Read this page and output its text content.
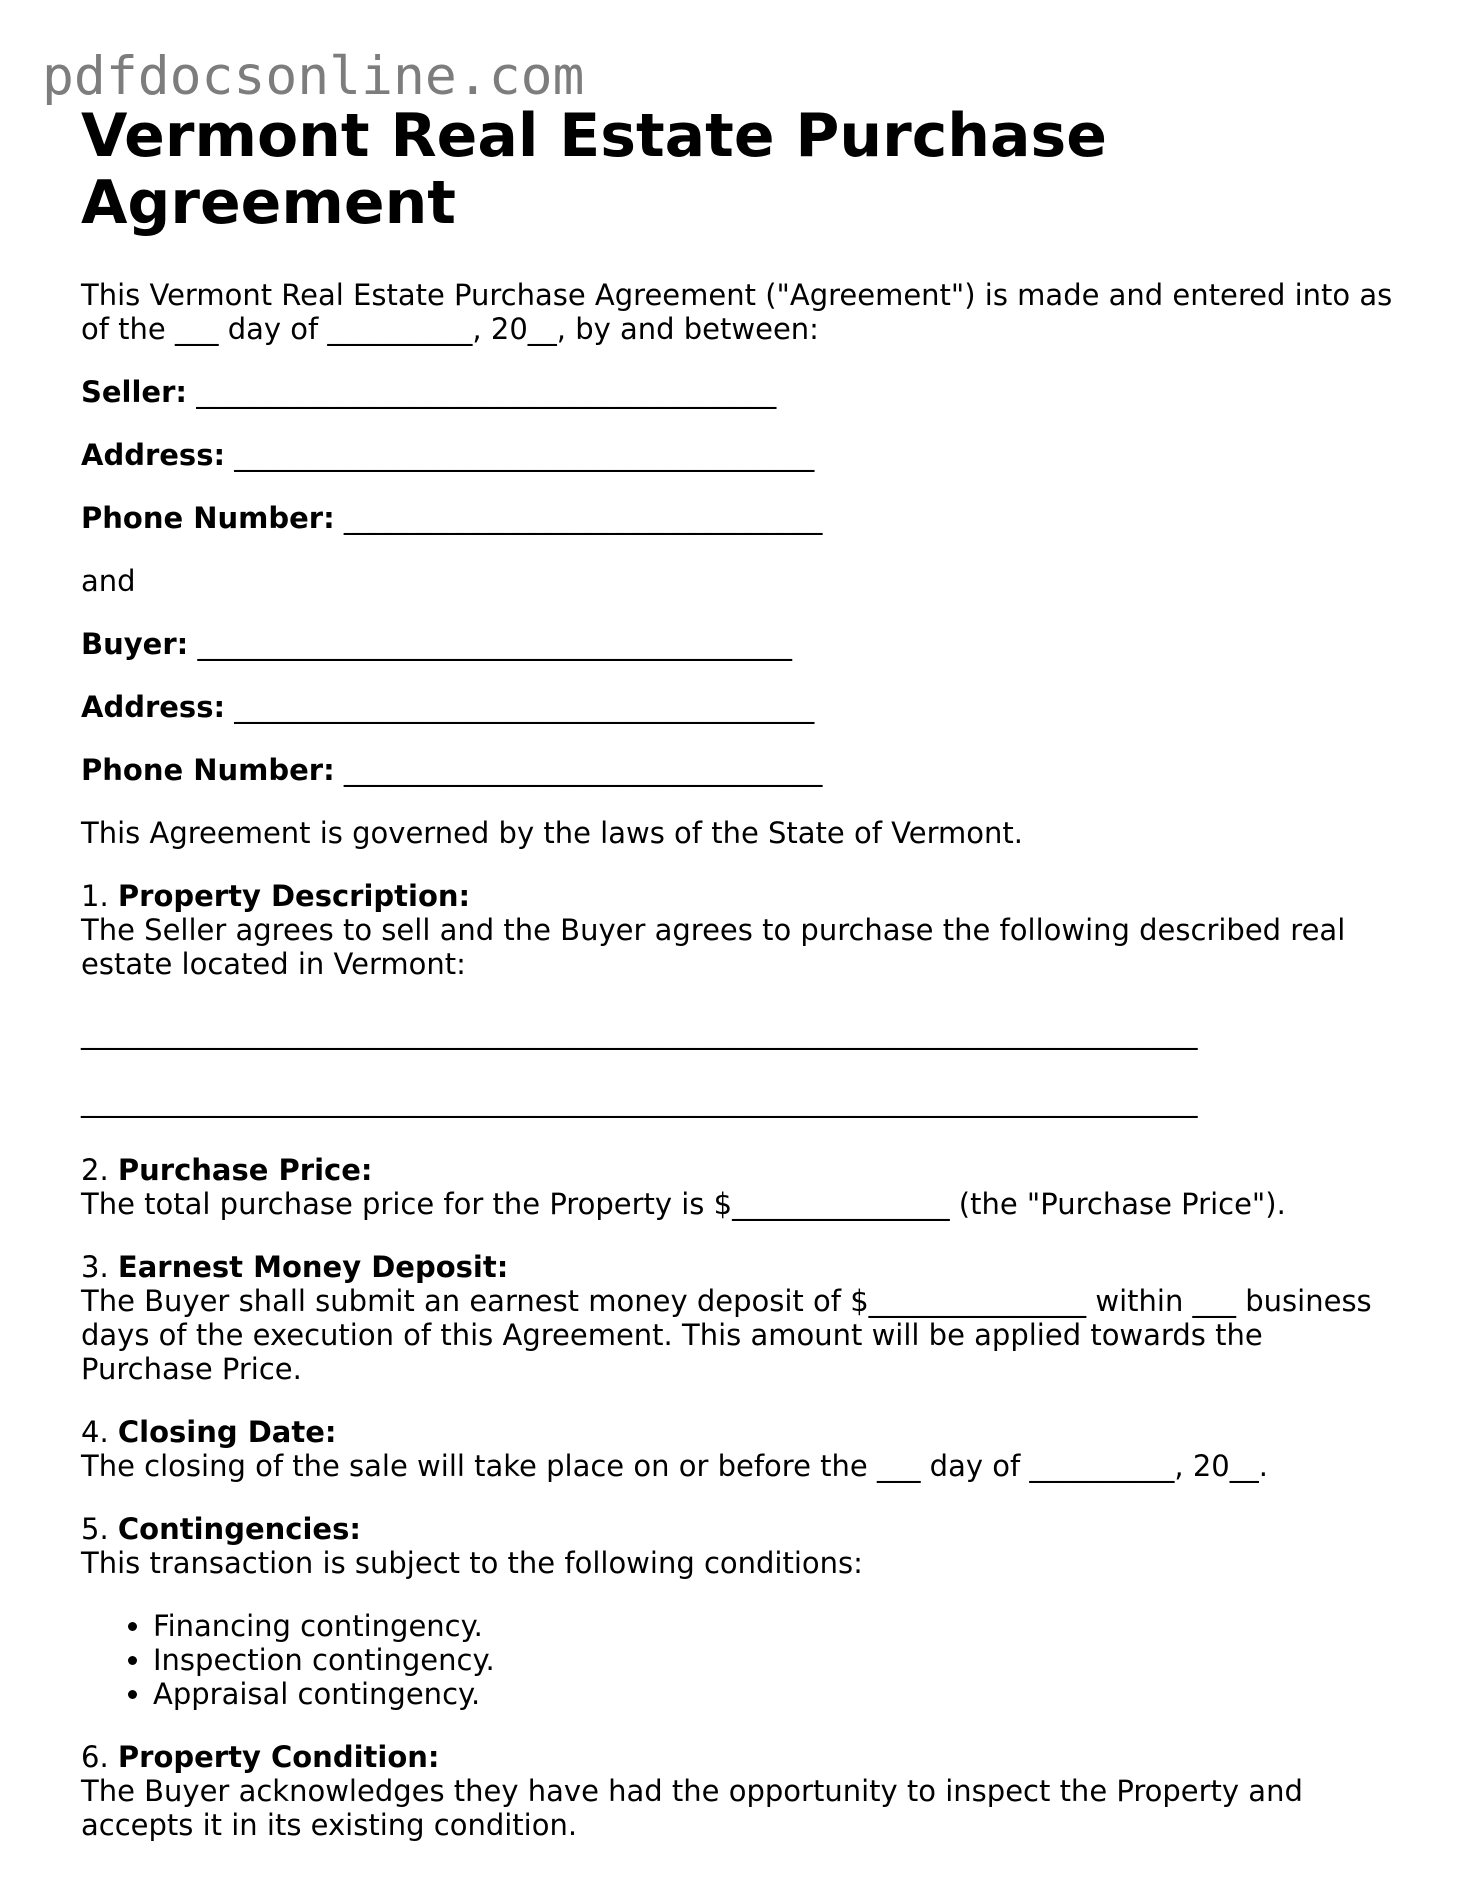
pdfdocsonline.com
Vermont Real Estate Purchase Agreement

This Vermont Real Estate Purchase Agreement ("Agreement") is made and entered into as of the ___ day of __________, 20__, by and between:

Seller: ________________________________________

Address: ________________________________________

Phone Number: _________________________________

and

Buyer: _________________________________________

Address: ________________________________________

Phone Number: _________________________________

This Agreement is governed by the laws of the State of Vermont.

1. Property Description:

The Seller agrees to sell and the Buyer agrees to purchase the following described real estate located in Vermont:

_____________________________________________________________________________

_____________________________________________________________________________

2. Purchase Price:

The total purchase price for the Property is $_______________ (the "Purchase Price").

3. Earnest Money Deposit:

The Buyer shall submit an earnest money deposit of $_______________ within ___ business days of the execution of this Agreement. This amount will be applied towards the Purchase Price.

4. Closing Date:

The closing of the sale will take place on or before the ___ day of __________, 20__.

5. Contingencies:

This transaction is subject to the following conditions:

• Financing contingency.
• Inspection contingency.
• Appraisal contingency.

6. Property Condition:

The Buyer acknowledges they have had the opportunity to inspect the Property and accepts it in its existing condition.
